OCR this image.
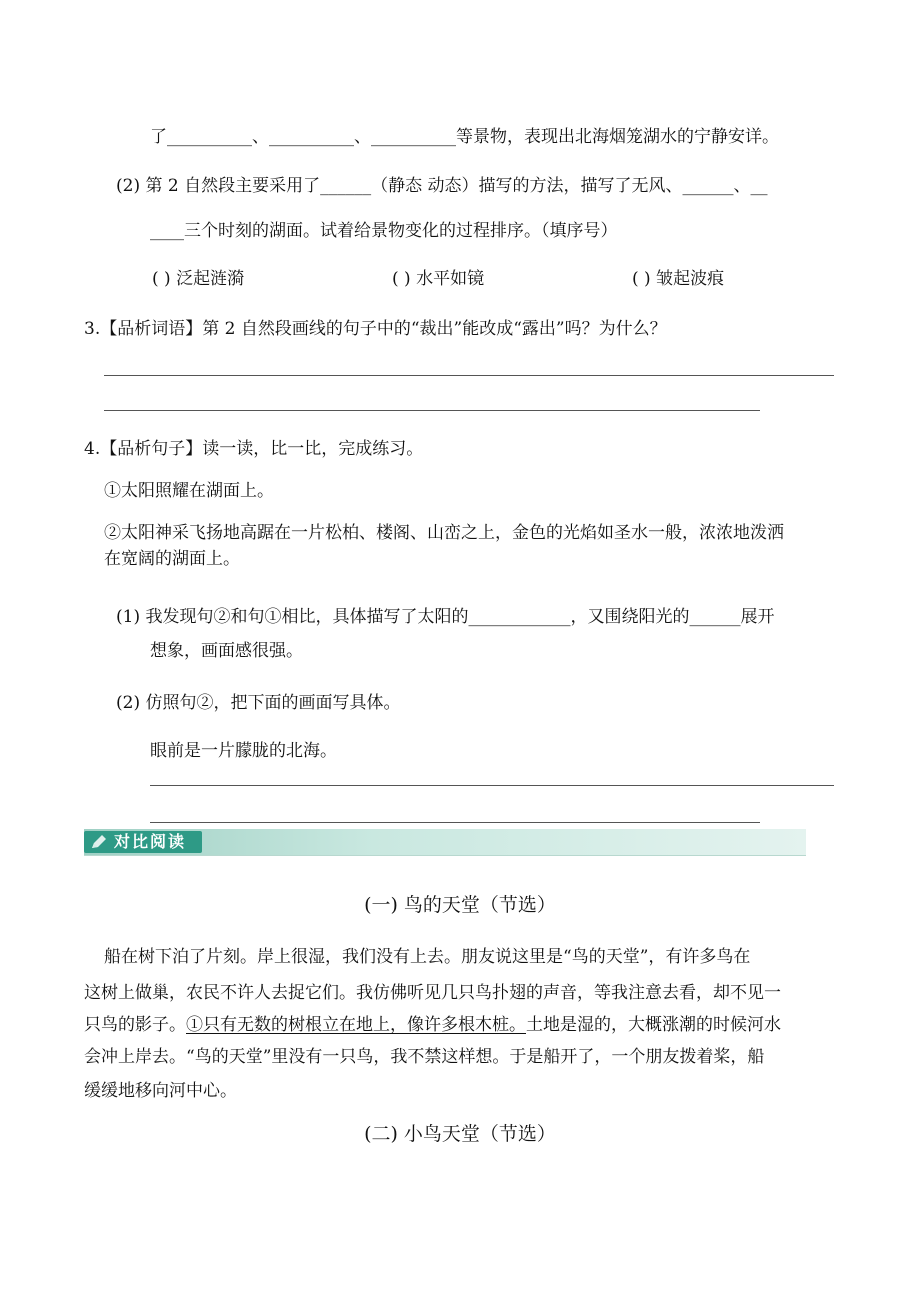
了__________、__________、__________等景物，表现出北海烟笼湖水的宁静安详。
(2) 第 2 自然段主要采用了______（静态 动态）描写的方法，描写了无风、______、__
____三个时刻的湖面。试着给景物变化的过程排序。（填序号）
( ) 泛起涟漪	( ) 水平如镜	( ) 皱起波痕
3.【品析词语】第 2 自然段画线的句子中的“裁出”能改成“露出”吗？为什么？
4.【品析句子】读一读，比一比，完成练习。
①太阳照耀在湖面上。
②太阳神采飞扬地高踞在一片松柏、楼阁、山峦之上，金色的光焰如圣水一般，浓浓地泼洒
在宽阔的湖面上。
(1) 我发现句②和句①相比，具体描写了太阳的____________，又围绕阳光的______展开
想象，画面感很强。
(2) 仿照句②，把下面的画面写具体。
眼前是一片朦胧的北海。
对比阅读
(一) 鸟的天堂（节选）
船在树下泊了片刻。岸上很湿，我们没有上去。朋友说这里是“鸟的天堂”，有许多鸟在
这树上做巢，农民不许人去捉它们。我仿佛听见几只鸟扑翅的声音，等我注意去看，却不见一
只鸟的影子。①只有无数的树根立在地上，像许多根木桩。土地是湿的，大概涨潮的时候河水
会冲上岸去。“鸟的天堂”里没有一只鸟，我不禁这样想。于是船开了，一个朋友拨着桨，船
缓缓地移向河中心。
(二) 小鸟天堂（节选）
